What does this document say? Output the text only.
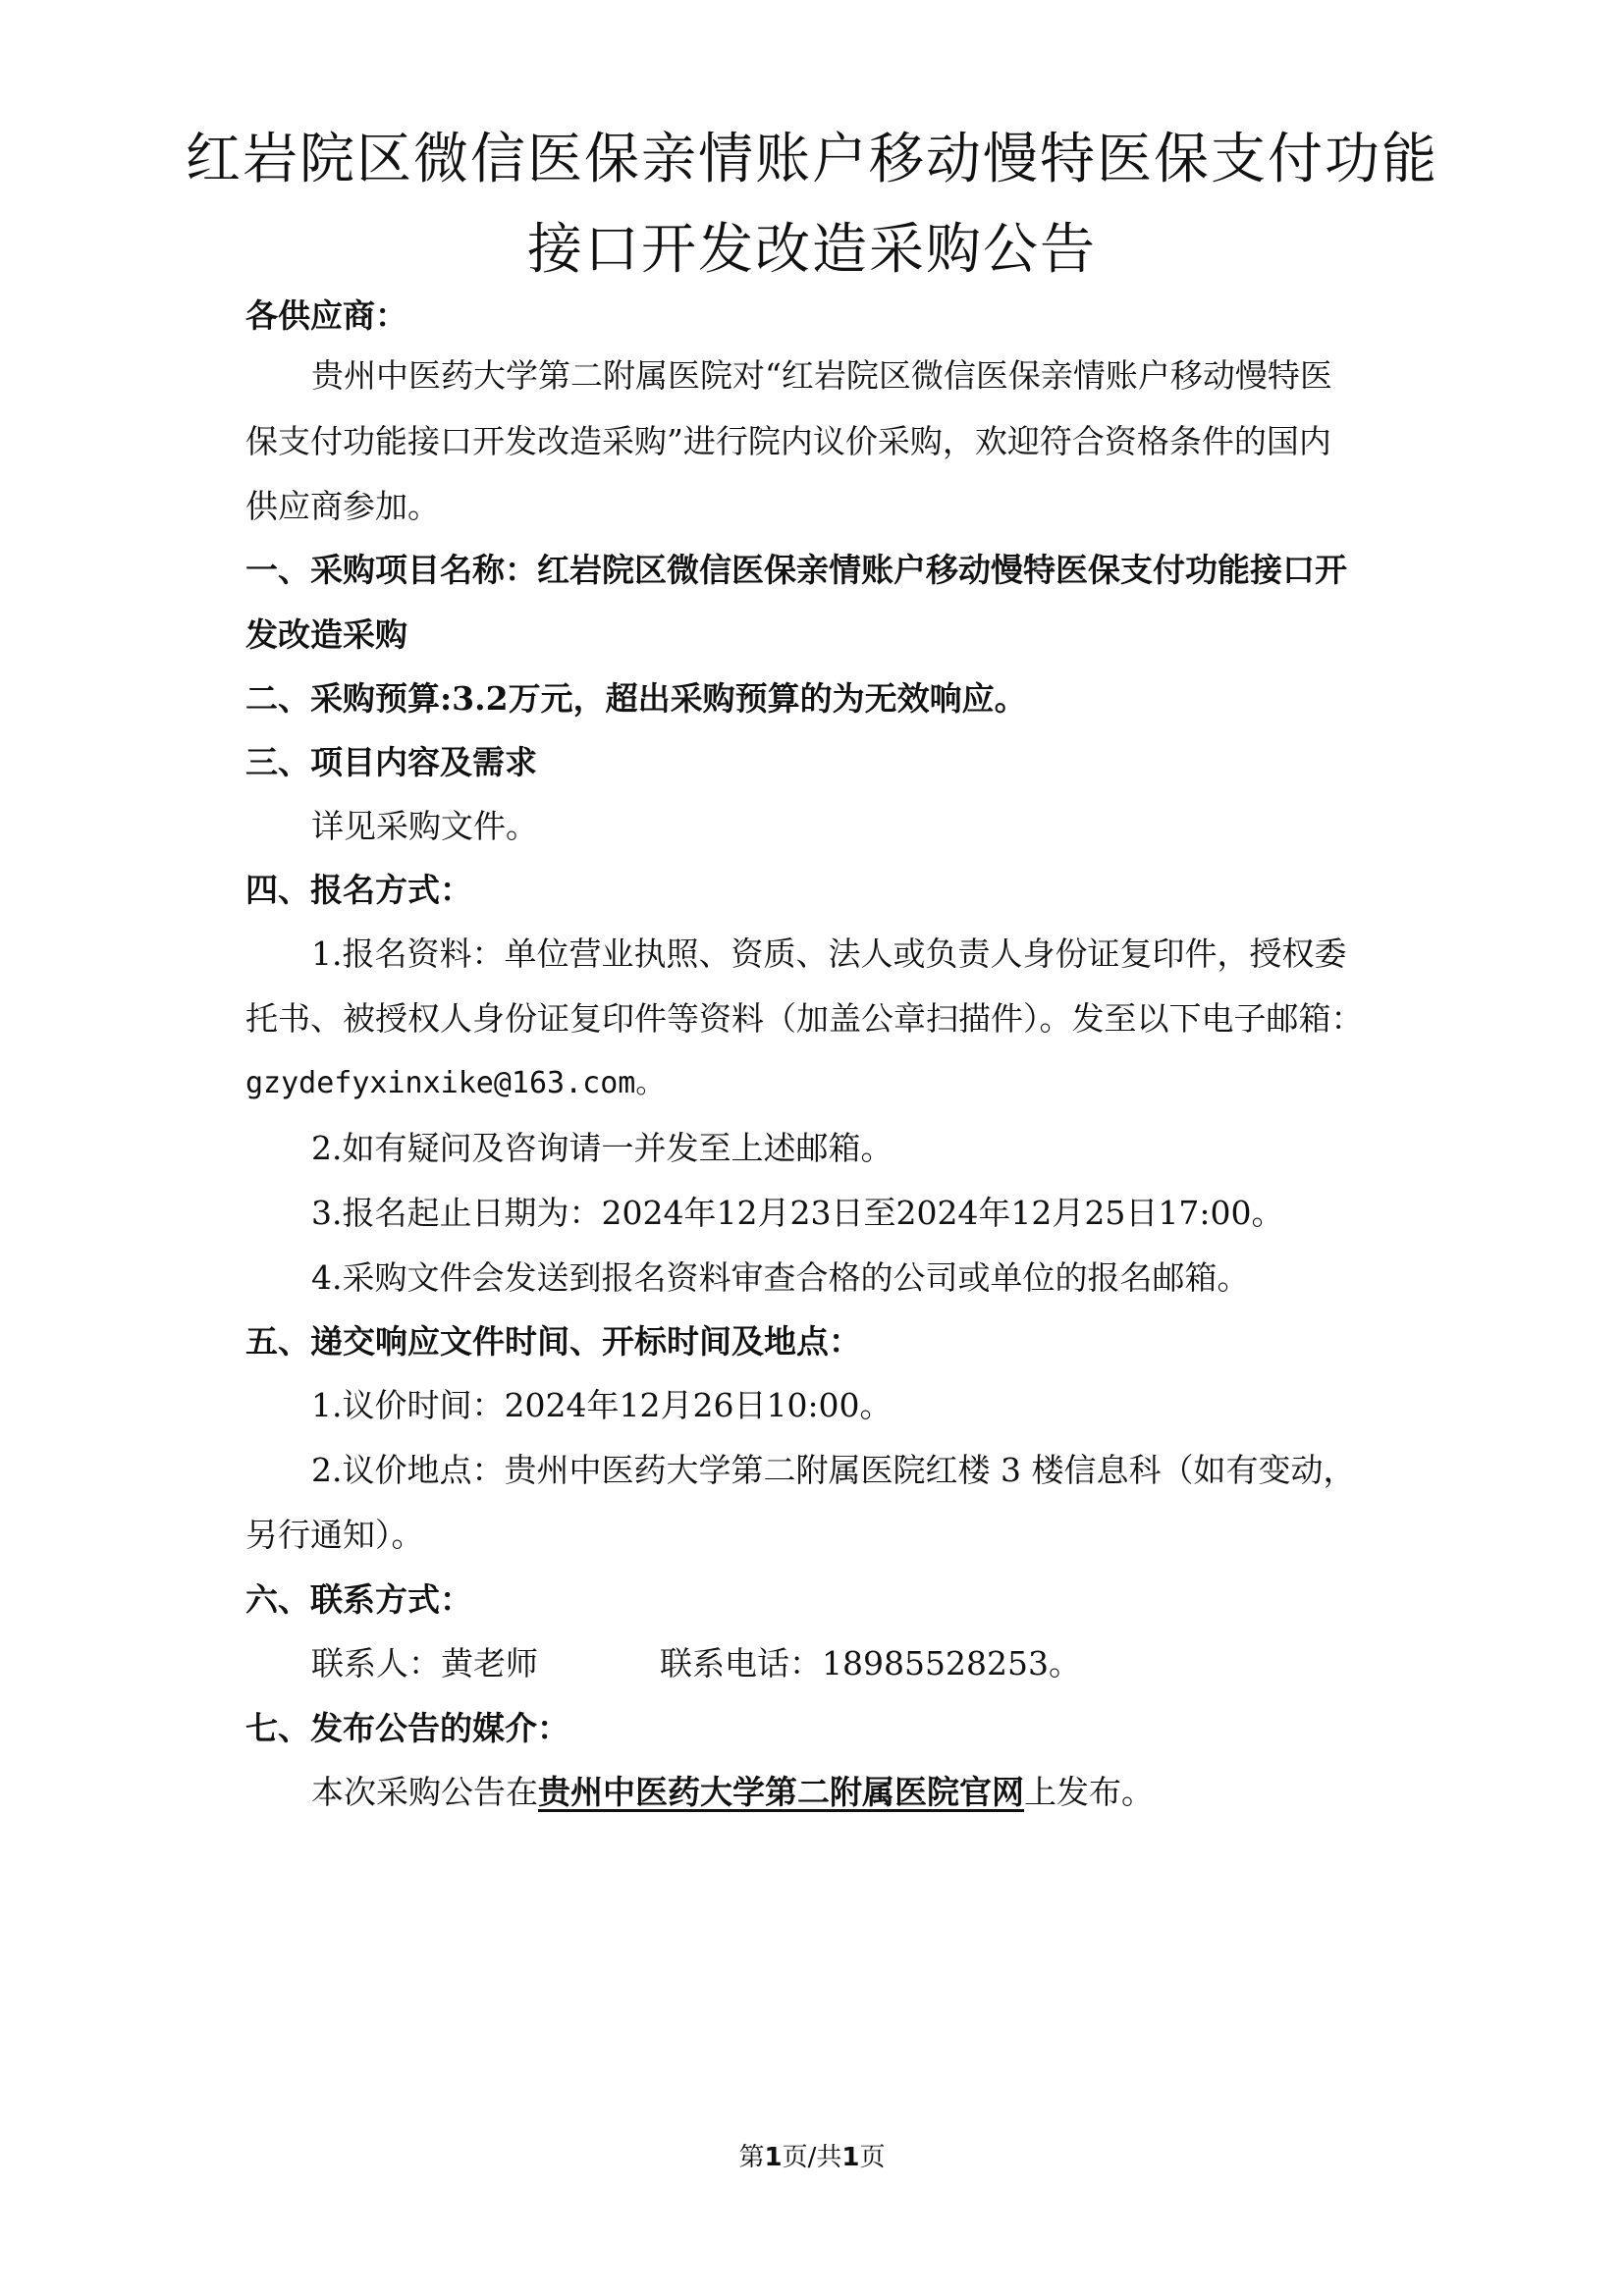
红岩院区微信医保亲情账户移动慢特医保支付功能
接口开发改造采购公告

各供应商：

贵州中医药大学第二附属医院对“红岩院区微信医保亲情账户移动慢特医

保支付功能接口开发改造采购”进行院内议价采购，欢迎符合资格条件的国内

供应商参加。

一、采购项目名称：红岩院区微信医保亲情账户移动慢特医保支付功能接口开

发改造采购

二、采购预算:3.2万元，超出采购预算的为无效响应。

三、项目内容及需求

详见采购文件。

四、报名方式：

1.报名资料：单位营业执照、资质、法人或负责人身份证复印件，授权委

托书、被授权人身份证复印件等资料（加盖公章扫描件）。发至以下电子邮箱：

gzydefyxinxike@163.com。

2.如有疑问及咨询请一并发至上述邮箱。

3.报名起止日期为：2024年12月23日至2024年12月25日17:00。

4.采购文件会发送到报名资料审查合格的公司或单位的报名邮箱。

五、递交响应文件时间、开标时间及地点：

1.议价时间：2024年12月26日10:00。

2.议价地点：贵州中医药大学第二附属医院红楼 3 楼信息科（如有变动，

另行通知）。

六、联系方式：

联系人：黄老师	联系电话：18985528253。

七、发布公告的媒介：

本次采购公告在贵州中医药大学第二附属医院官网上发布。

第1页/共1页
